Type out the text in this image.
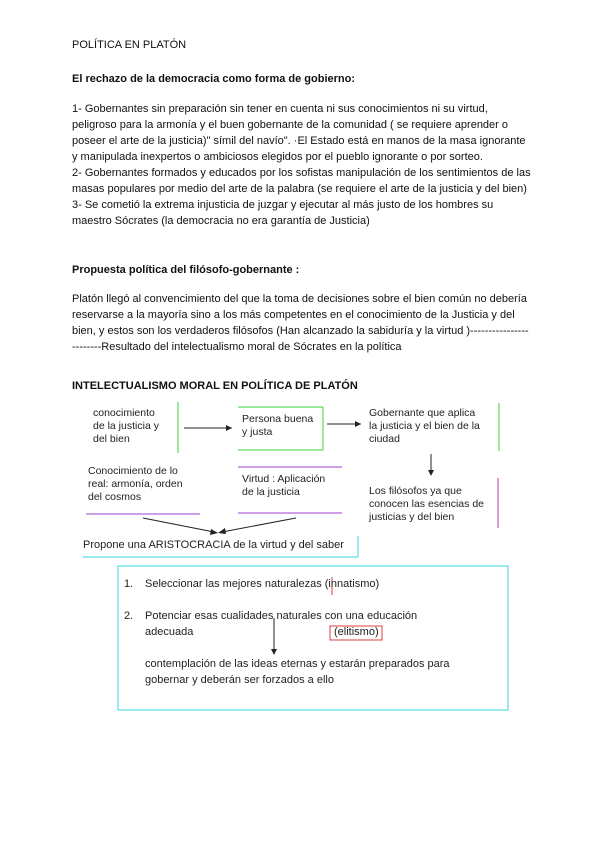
POLÍTICA EN PLATÓN
El rechazo de la democracia como forma de gobierno:
1- Gobernantes sin preparación sin tener en cuenta ni sus conocimientos ni su virtud, peligroso para la armonía y el buen gobernante de la comunidad ( se requiere aprender o poseer el arte de la justicia)" símil del navío". ·El Estado está en manos de la masa ignorante y manipulada inexpertos o ambiciosos elegidos por el pueblo ignorante o por sorteo.
2- Gobernantes formados y educados por los sofistas manipulación de los sentimientos de las masas populares por medio del arte de la palabra (se requiere el arte de la justicia y del bien)
3- Se cometió la extrema injusticia de juzgar y ejecutar al más justo de los hombres su maestro Sócrates (la democracia no era garantía de Justicia)
Propuesta política del filósofo-gobernante :
Platón llegó al convencimiento del que la toma de decisiones sobre el bien común no debería reservarse a la mayoría sino a los más competentes en el conocimiento de la Justicia y del bien, y estos son los verdaderos filósofos (Han alcanzado la sabiduría y la virtud )------------------------Resultado del intelectualismo moral de Sócrates en la política
INTELECTUALISMO MORAL EN POLÍTICA DE PLATÓN
conocimiento
de la justicia y
del bien
Persona buena
y justa
Gobernante que aplica
la justicia y el bien de la
ciudad
Conocimiento de lo
real: armonía, orden
del cosmos
Virtud : Aplicación
de la justicia	Los filósofos ya que
conocen las esencias de
justicias y del bien
Propone una ARISTOCRACIA de la virtud y del saber
1. Seleccionar las mejores naturalezas (innatismo)
2. Potenciar esas cualidades naturales con una educación
adecuada	(elitismo)
contemplación de las ideas eternas y estarán preparados para
gobernar y deberán ser forzados a ello
